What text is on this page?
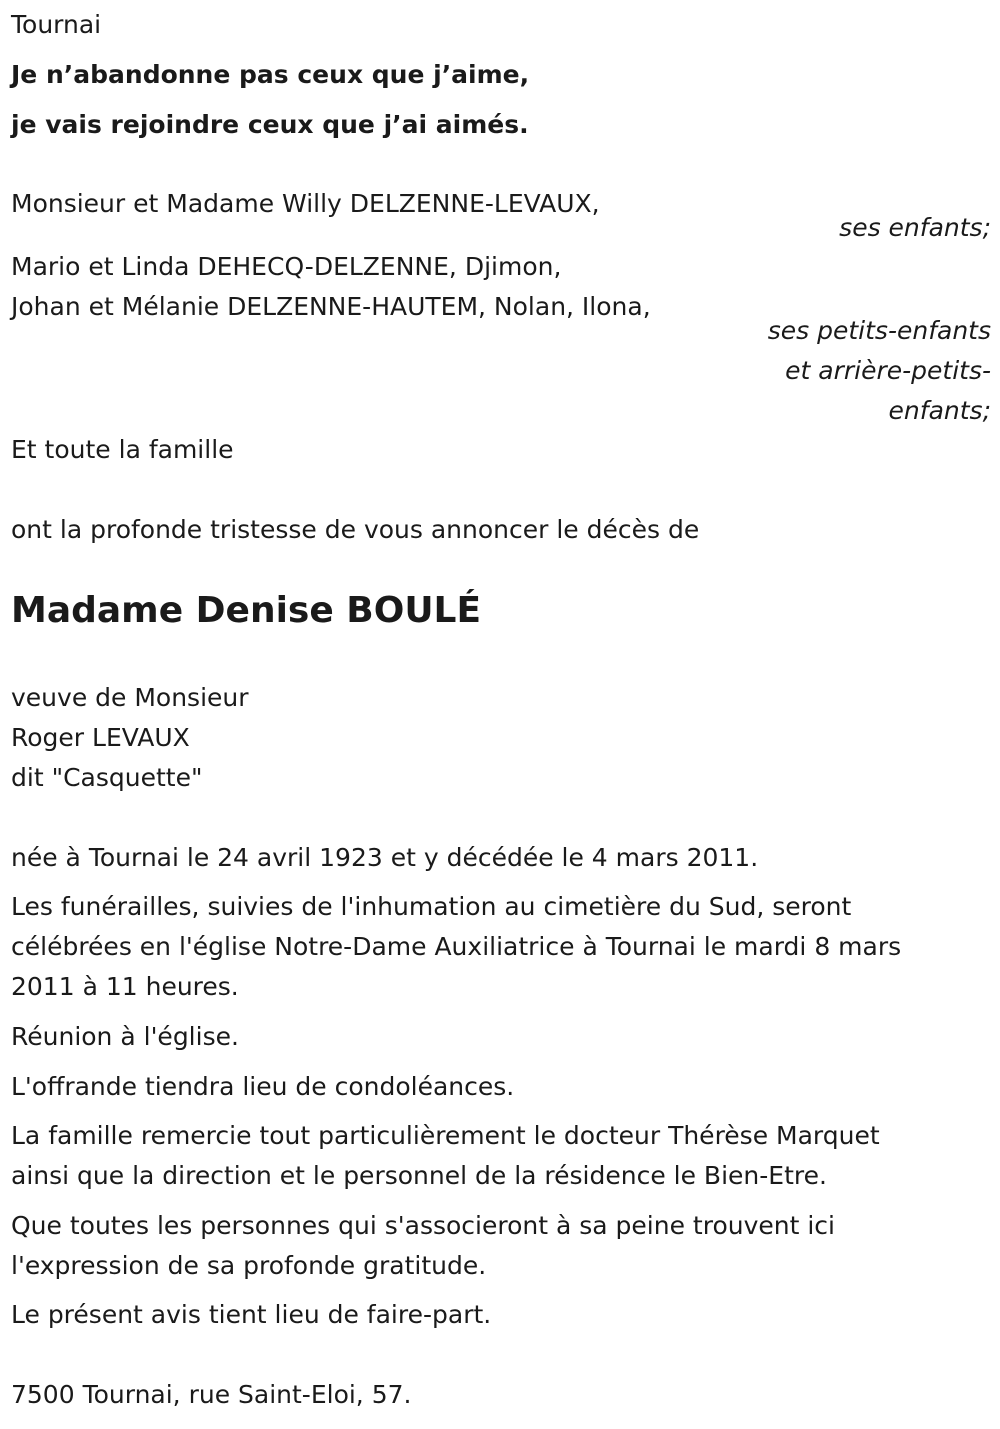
Tournai
Je n’abandonne pas ceux que j’aime,
je vais rejoindre ceux que j’ai aimés.
Monsieur et Madame Willy DELZENNE-LEVAUX,
ses enfants;
Mario et Linda DEHECQ-DELZENNE, Djimon,
Johan et Mélanie DELZENNE-HAUTEM, Nolan, Ilona,
ses petits-enfants
et arrière-petits-
enfants;
Et toute la famille
ont la profonde tristesse de vous annoncer le décès de
Madame Denise BOULÉ
veuve de Monsieur
Roger LEVAUX
dit "Casquette"
née à Tournai le 24 avril 1923 et y décédée le 4 mars 2011.
Les funérailles, suivies de l'inhumation au cimetière du Sud, seront
célébrées en l'église Notre-Dame Auxiliatrice à Tournai le mardi 8 mars
2011 à 11 heures.
Réunion à l'église.
L'offrande tiendra lieu de condoléances.
La famille remercie tout particulièrement le docteur Thérèse Marquet
ainsi que la direction et le personnel de la résidence le Bien-Etre.
Que toutes les personnes qui s'associeront à sa peine trouvent ici
l'expression de sa profonde gratitude.
Le présent avis tient lieu de faire-part.
7500 Tournai, rue Saint-Eloi, 57.
